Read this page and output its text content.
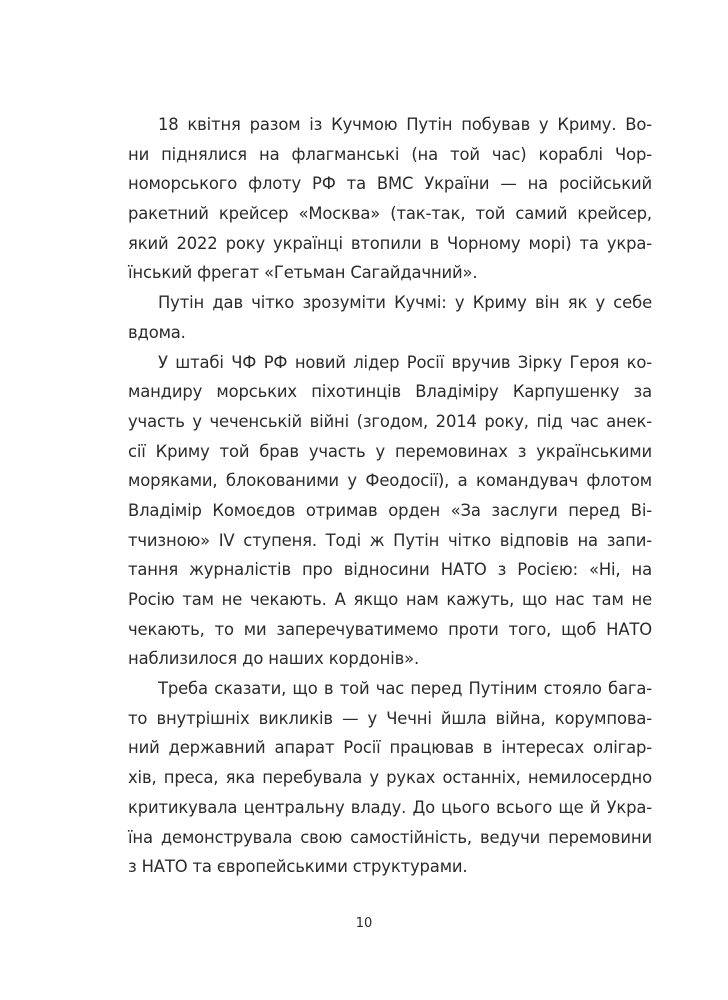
18 квітня разом із Кучмою Путін побував у Криму. Во-
ни піднялися на флагманські (на той час) кораблі Чор-
номорського флоту РФ та ВМС України — на російський
ракетний крейсер «Москва» (так-так, той самий крейсер,
який 2022 року українці втопили в Чорному морі) та укра-
їнський фрегат «Гетьман Сагайдачний».
Путін дав чітко зрозуміти Кучмі: у Криму він як у себе
вдома.
У штабі ЧФ РФ новий лідер Росії вручив Зірку Героя ко-
мандиру морських піхотинців Владіміру Карпушенку за
участь у чеченській війні (згодом, 2014 року, під час анек-
сії Криму той брав участь у перемовинах з українськими
моряками, блокованими у Феодосії), а командувач флотом
Владімір Комоєдов отримав орден «За заслуги перед Ві-
тчизною» IV ступеня. Тоді ж Путін чітко відповів на запи-
тання журналістів про відносини НАТО з Росією: «Ні, на
Росію там не чекають. А якщо нам кажуть, що нас там не
чекають, то ми заперечуватимемо проти того, щоб НАТО
наблизилося до наших кордонів».
Треба сказати, що в той час перед Путіним стояло бага-
то внутрішніх викликів — у Чечні йшла війна, корумпова-
ний державний апарат Росії працював в інтересах олігар-
хів, преса, яка перебувала у руках останніх, немилосердно
критикувала центральну владу. До цього всього ще й Укра-
їна демонструвала свою самостійність, ведучи перемовини
з НАТО та європейськими структурами.
10
